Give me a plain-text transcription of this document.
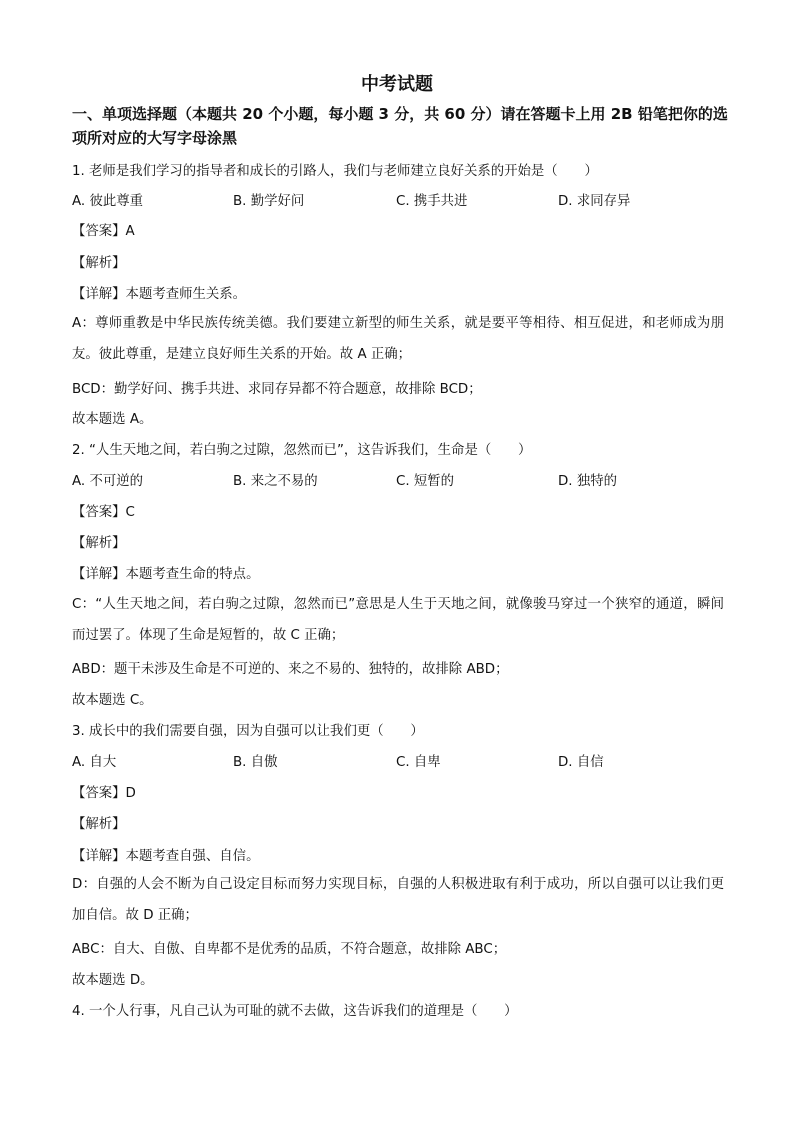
中考试题
一、单项选择题（本题共 20 个小题，每小题 3 分，共 60 分）请在答题卡上用 2B 铅笔把你的选项所对应的大写字母涂黑
1. 老师是我们学习的指导者和成长的引路人，我们与老师建立良好关系的开始是（　　）
A. 彼此尊重	B. 勤学好问	C. 携手共进	D. 求同存异
【答案】A
【解析】
【详解】本题考查师生关系。
A：尊师重教是中华民族传统美德。我们要建立新型的师生关系，就是要平等相待、相互促进，和老师成为朋友。彼此尊重，是建立良好师生关系的开始。故 A 正确；
BCD：勤学好问、携手共进、求同存异都不符合题意，故排除 BCD；
故本题选 A。
2. “人生天地之间，若白驹之过隙，忽然而已”，这告诉我们，生命是（　　）
A. 不可逆的	B. 来之不易的	C. 短暂的	D. 独特的
【答案】C
【解析】
【详解】本题考查生命的特点。
C：“人生天地之间，若白驹之过隙，忽然而已”意思是人生于天地之间，就像骏马穿过一个狭窄的通道，瞬间而过罢了。体现了生命是短暂的，故 C 正确；
ABD：题干未涉及生命是不可逆的、来之不易的、独特的，故排除 ABD；
故本题选 C。
3. 成长中的我们需要自强，因为自强可以让我们更（　　）
A. 自大	B. 自傲	C. 自卑	D. 自信
【答案】D
【解析】
【详解】本题考查自强、自信。
D：自强的人会不断为自己设定目标而努力实现目标，自强的人积极进取有利于成功，所以自强可以让我们更加自信。故 D 正确；
ABC：自大、自傲、自卑都不是优秀的品质，不符合题意，故排除 ABC；
故本题选 D。
4. 一个人行事，凡自己认为可耻的就不去做，这告诉我们的道理是（　　）
